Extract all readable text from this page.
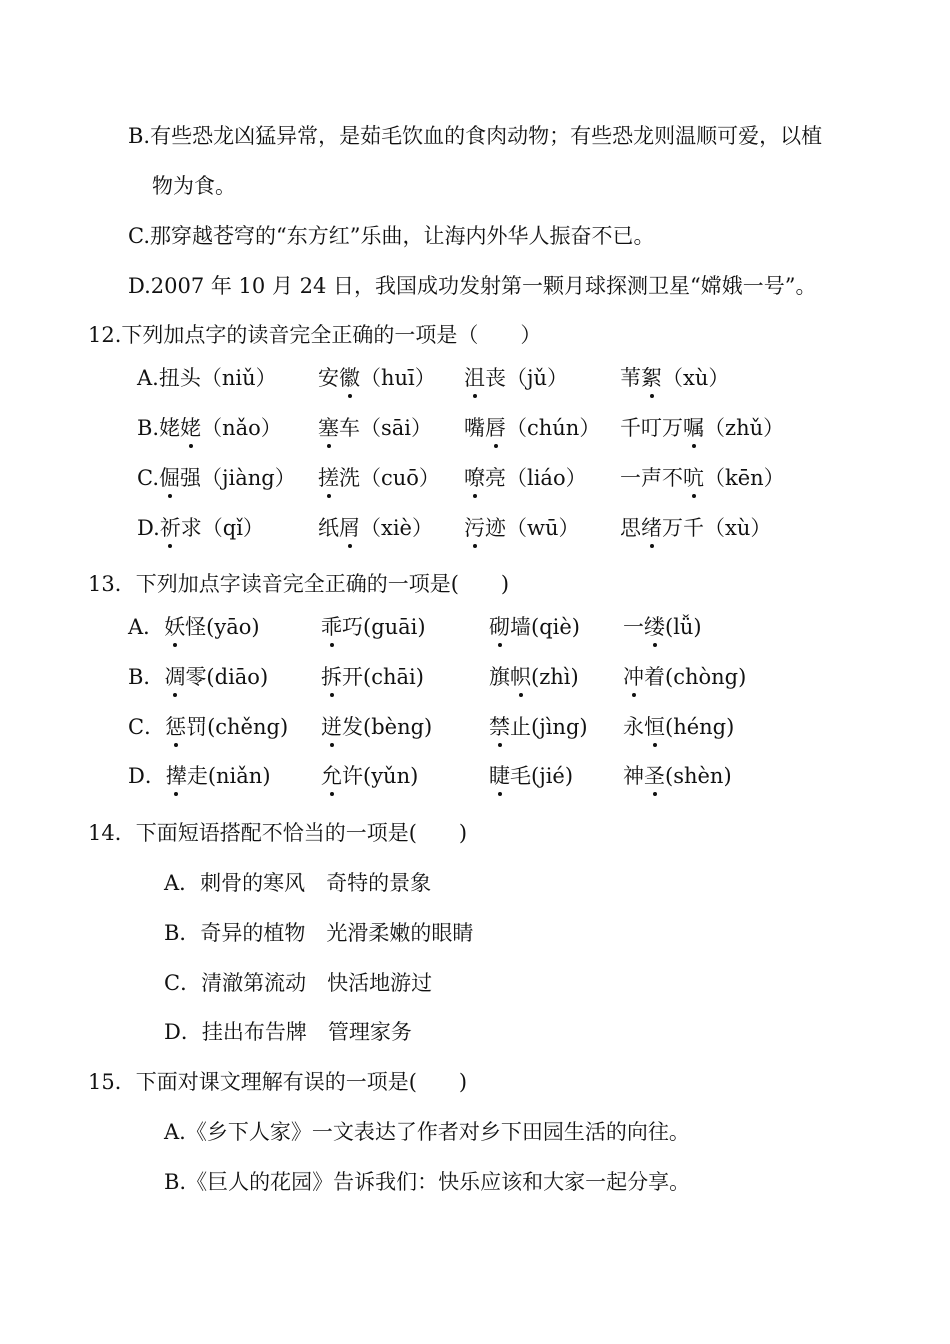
B.有些恐龙凶猛异常，是茹毛饮血的食肉动物；有些恐龙则温顺可爱，以植
物为食。
C.那穿越苍穹的“东方红”乐曲，让海内外华人振奋不已。
D.2007 年 10 月 24 日，我国成功发射第一颗月球探测卫星“嫦娥一号”。
12.下列加点字的读音完全正确的一项是（　　）
A.扭头（niǔ） 安徽（huī） 沮丧（jǔ） 苇絮（xù）
B.姥姥（nǎo） 塞车（sāi） 嘴唇（chún） 千叮万嘱（zhǔ）
C.倔强（jiàng） 搓洗（cuō） 嘹亮（liáo） 一声不吭（kēn）
D.祈求（qǐ）	纸屑（xiè） 污迹（wū） 思绪万千（xù）
13．下列加点字读音完全正确的一项是(　　)
A．妖怪(yāo)	乖巧(guāi)	砌墙(qiè) 一缕(lǚ)
B．凋零(diāo)	拆开(chāi)	旗帜(zhì) 冲着(chòng)
C．惩罚(chěng) 迸发(bèng)	禁止(jìng) 永恒(héng)
D．撵走(niǎn) 允许(yǔn)	睫毛(jié) 神圣(shèn)
14．下面短语搭配不恰当的一项是(　　)
A．刺骨的寒风　奇特的景象
B．奇异的植物　光滑柔嫩的眼睛
C．清澈第流动　快活地游过
D．挂出布告牌　管理家务
15．下面对课文理解有误的一项是(　　)
A.《乡下人家》一文表达了作者对乡下田园生活的向往。
B.《巨人的花园》告诉我们：快乐应该和大家一起分享。
